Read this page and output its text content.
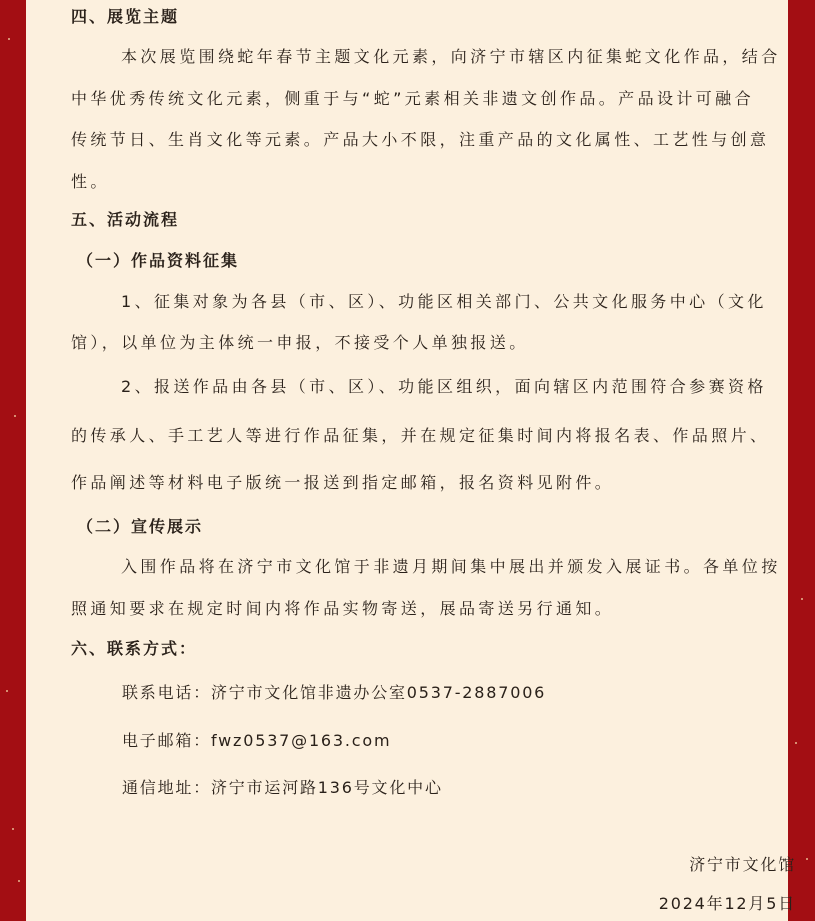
四、展览主题
本次展览围绕蛇年春节主题文化元素，向济宁市辖区内征集蛇文化作品，结合
中华优秀传统文化元素，侧重于与“蛇”元素相关非遗文创作品。产品设计可融合
传统节日、生肖文化等元素。产品大小不限，注重产品的文化属性、工艺性与创意
性。
五、活动流程
（一）作品资料征集
1、征集对象为各县（市、区）、功能区相关部门、公共文化服务中心（文化
馆），以单位为主体统一申报，不接受个人单独报送。
2、报送作品由各县（市、区）、功能区组织，面向辖区内范围符合参赛资格
的传承人、手工艺人等进行作品征集，并在规定征集时间内将报名表、作品照片、
作品阐述等材料电子版统一报送到指定邮箱，报名资料见附件。
（二）宣传展示
入围作品将在济宁市文化馆于非遗月期间集中展出并颁发入展证书。各单位按
照通知要求在规定时间内将作品实物寄送，展品寄送另行通知。
六、联系方式：
联系电话：济宁市文化馆非遗办公室0537-2887006
电子邮箱：fwz0537@163.com
通信地址：济宁市运河路136号文化中心
济宁市文化馆
2024年12月5日
